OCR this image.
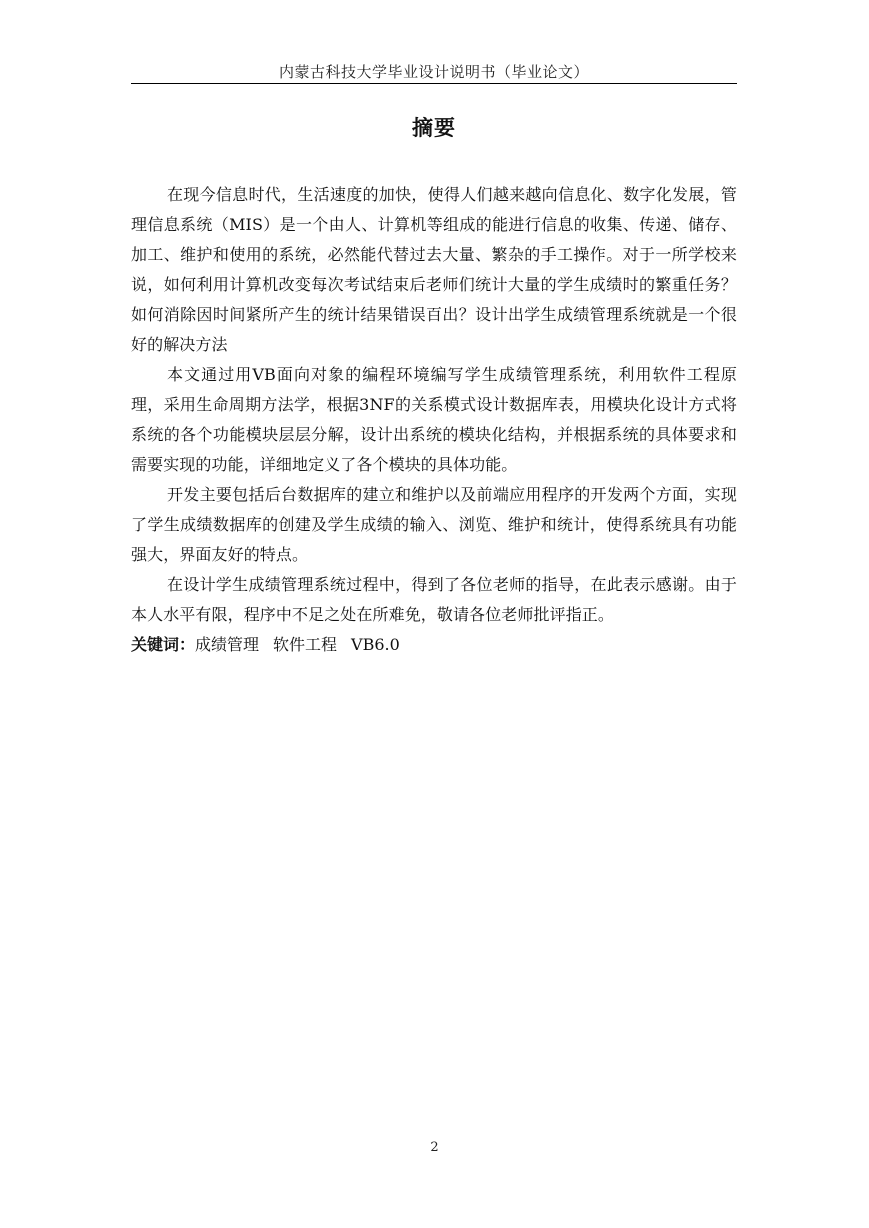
内蒙古科技大学毕业设计说明书（毕业论文）
摘要

在现今信息时代，生活速度的加快，使得人们越来越向信息化、数字化发展，管理信息系统（MIS）是一个由人、计算机等组成的能进行信息的收集、传递、储存、加工、维护和使用的系统，必然能代替过去大量、繁杂的手工操作。对于一所学校来说，如何利用计算机改变每次考试结束后老师们统计大量的学生成绩时的繁重任务？如何消除因时间紧所产生的统计结果错误百出？设计出学生成绩管理系统就是一个很好的解决方法

本文通过用VB面向对象的编程环境编写学生成绩管理系统，利用软件工程原理，采用生命周期方法学，根据3NF的关系模式设计数据库表，用模块化设计方式将系统的各个功能模块层层分解，设计出系统的模块化结构，并根据系统的具体要求和需要实现的功能，详细地定义了各个模块的具体功能。

开发主要包括后台数据库的建立和维护以及前端应用程序的开发两个方面，实现了学生成绩数据库的创建及学生成绩的输入、浏览、维护和统计，使得系统具有功能强大，界面友好的特点。

在设计学生成绩管理系统过程中，得到了各位老师的指导，在此表示感谢。由于本人水平有限，程序中不足之处在所难免，敬请各位老师批评指正。

关键词：成绩管理 软件工程 VB6.0

2
